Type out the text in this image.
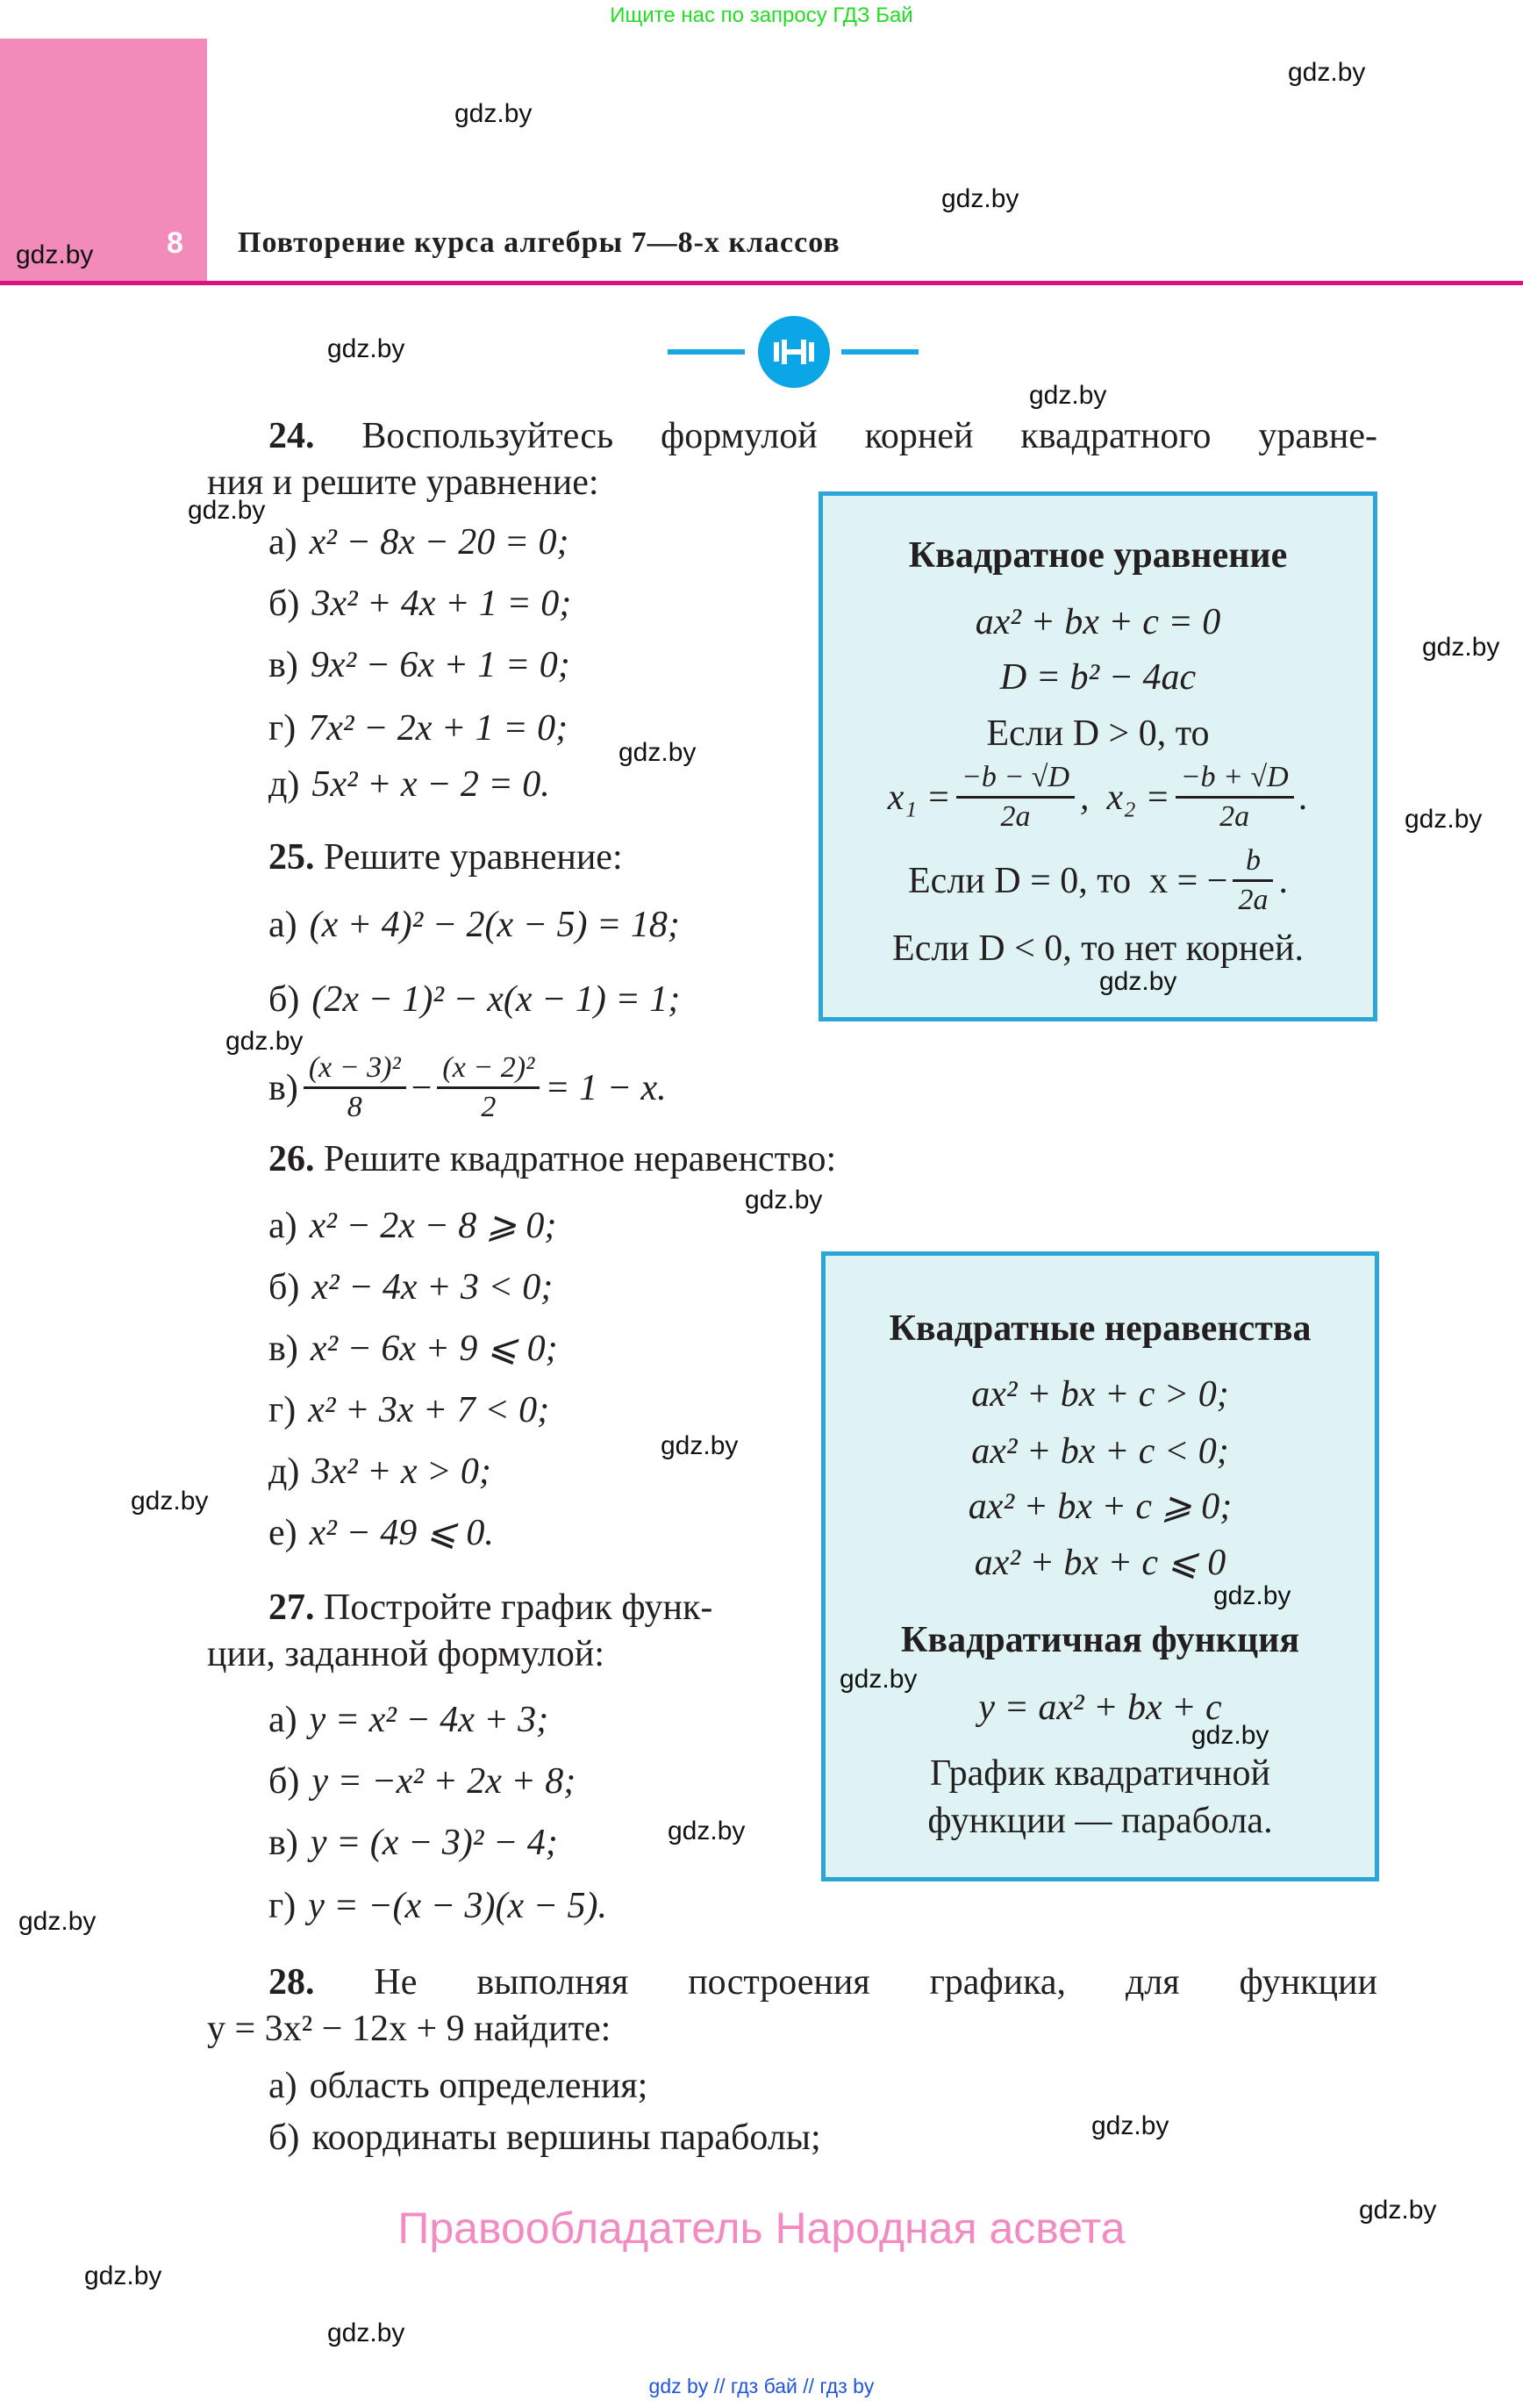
Ищите нас по запросу ГДЗ Бай
8 Повторение курса алгебры 7—8-х классов
24. Воспользуйтесь формулой корней квадратного уравне-
ния и решите уравнение:
а) x² − 8x − 20 = 0;
б) 3x² + 4x + 1 = 0;
в) 9x² − 6x + 1 = 0;
г) 7x² − 2x + 1 = 0;
д) 5x² + x − 2 = 0.
25. Решите уравнение:
а) (x + 4)² − 2(x − 5) = 18;
б) (2x − 1)² − x(x − 1) = 1;
$в) \frac{\text{(x − 3)²}}{8} - \frac{\text{(x − 2)²}}{2} = 1 - x$.
26. Решите квадратное неравенство:
а) x² − 2x − 8 ⩾ 0;
б) x² − 4x + 3 < 0;
в) x² − 6x + 9 ⩽ 0;
г) x² + 3x + 7 < 0;
д) 3x² + x > 0;
е) x² − 49 ⩽ 0.
27. Постройте график функ-
ции, заданной формулой:
а) y = x² − 4x + 3;
б) y = −x² + 2x + 8;
в) y = (x − 3)² − 4;
г) y = −(x − 3)(x − 5).
28. Не выполняя построения графика, для функции
y = 3x² − 12x + 9 найдите:
а) область определения;
б) координаты вершины параболы;
Квадратное уравнение
ax² + bx + c = 0
D = b² − 4ac
Если D > 0, то
$x_1 = \frac{-b - √D}{2a}$ , $x_2 = \frac{-b + √D}{2a}$ .
Если D = 0, то  x = − $\frac{b}{2a}$ .
Если D < 0, то нет корней.
Квадратные неравенства
ax² + bx + c > 0;
ax² + bx + c < 0;
ax² + bx + c ⩾ 0;
ax² + bx + c ⩽ 0
Квадратичная функция
y = ax² + bx + c
График квадратичной
функции — парабола.
Правообладатель Народная асвета
gdz by // гдз бай // гдз by
gdz.by
gdz.by
gdz.by
gdz.by
gdz.by
gdz.by
gdz.by
gdz.by
gdz.by
gdz.by
gdz.by
gdz.by
gdz.by
gdz.by
gdz.by
gdz.by
gdz.by
gdz.by
gdz.by
gdz.by
gdz.by
gdz.by
gdz.by
gdz.by
